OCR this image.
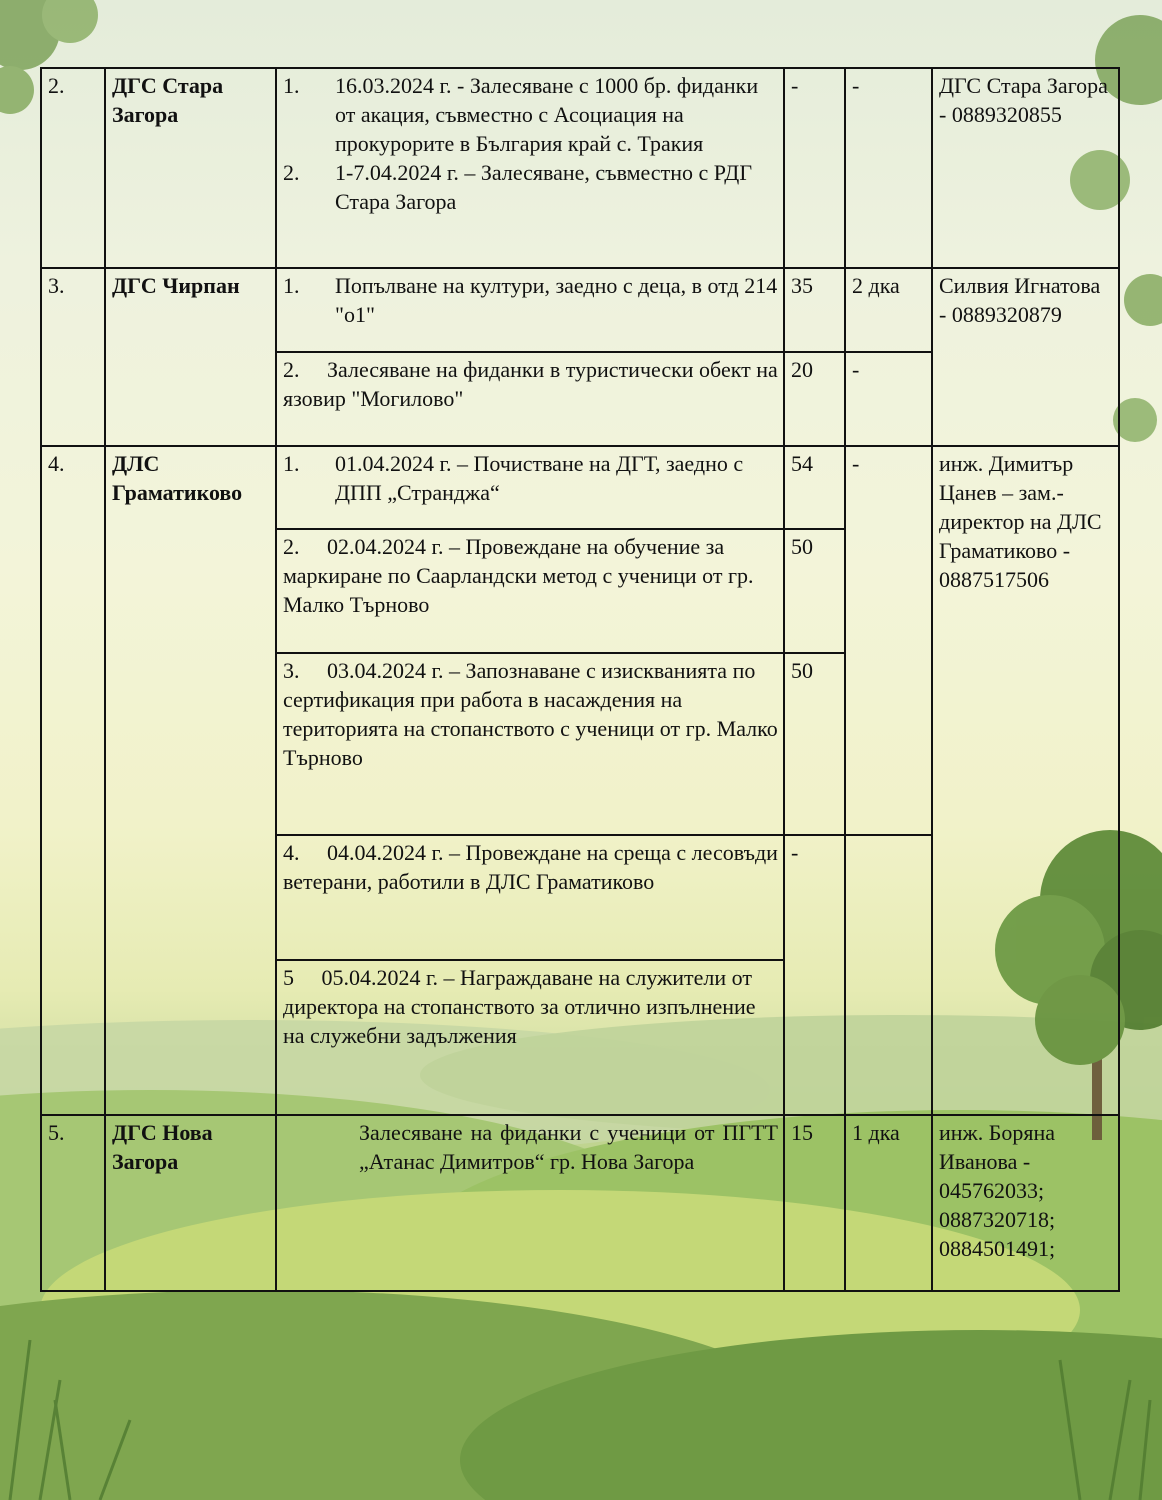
2.	ДГС Стара Загора	1. 16.03.2024 г. - Залесяване с 1000 бр. фиданки от акация, съвместно с Асоциация на прокурорите в България край с. Тракия
2. 1-7.04.2024 г. – Залесяване, съвместно с РДГ Стара Загора	-	-	ДГС Стара Загора - 0889320855
3.	ДГС Чирпан	1. Попълване на култури, заедно с деца, в отд 214 "о1"	35	2 дка	Силвия Игнатова - 0889320879
		2.     Залесяване на фиданки в туристически обект на язовир "Могилово"	20	-	
4.	ДЛС Граматиково	1. 01.04.2024 г. – Почистване на ДГТ, заедно с ДПП „Странджа“	54	-	инж. Димитър Цанев – зам.-директор на ДЛС Граматиково - 0887517506
		2.     02.04.2024 г. – Провеждане на обучение за маркиране по Саарландски метод с ученици от гр. Малко Търново	50		
		3.     03.04.2024 г. – Запознаване с изискванията по сертификация при работа в насаждения на територията на стопанството с ученици от гр. Малко Търново	50		
		4.     04.04.2024 г. – Провеждане на среща с лесовъди ветерани, работили в ДЛС Граматиково	-		
		5     05.04.2024 г. – Награждаване на служители от директора на стопанството за отлично изпълнение на служебни задължения			
5.	ДГС Нова Загора	Залесяване на фиданки с ученици от ПГТТ „Атанас Димитров“ гр. Нова Загора	15	1 дка	инж. Боряна Иванова - 045762033; 0887320718; 0884501491;
